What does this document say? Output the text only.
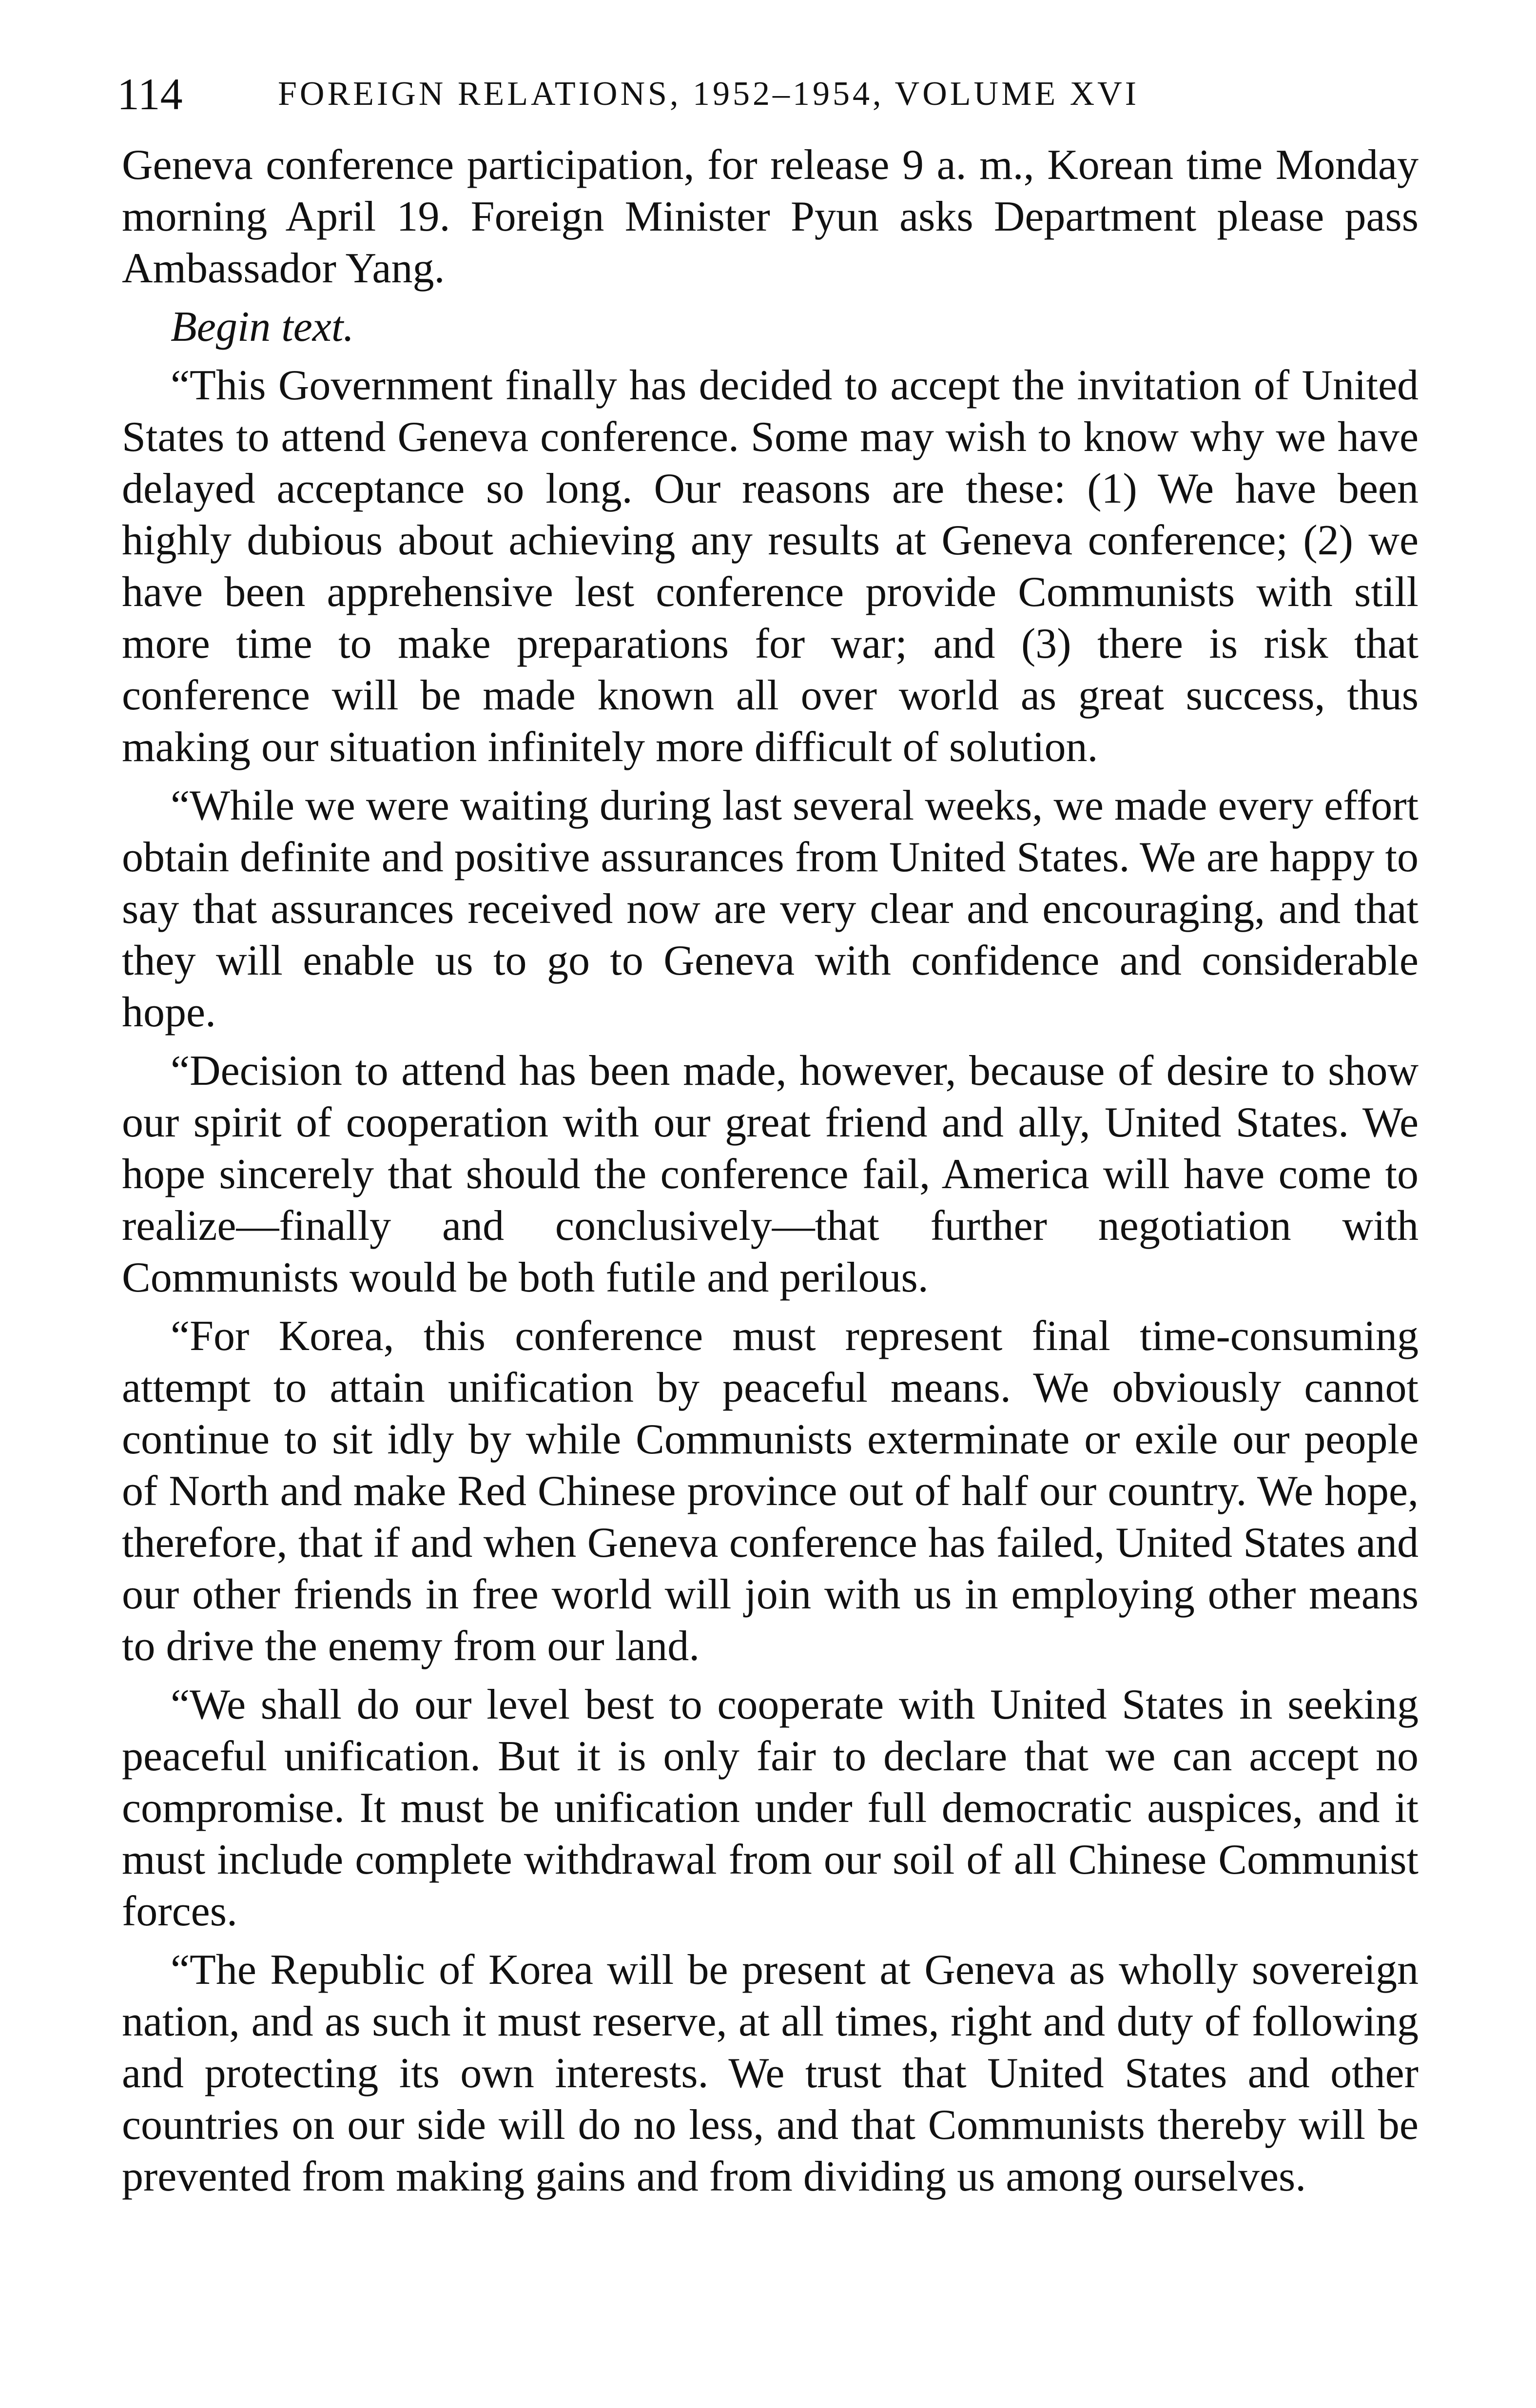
114	FOREIGN RELATIONS, 1952–1954, VOLUME XVI

Geneva conference participation, for release 9 a. m., Korean time Monday morning April 19. Foreign Minister Pyun asks Department please pass Ambassador Yang.

Begin text.

“This Government finally has decided to accept the invitation of United States to attend Geneva conference. Some may wish to know why we have delayed acceptance so long. Our reasons are these: (1) We have been highly dubious about achieving any results at Geneva conference; (2) we have been apprehensive lest conference provide Communists with still more time to make preparations for war; and (3) there is risk that conference will be made known all over world as great success, thus making our situation infinitely more difficult of solution.

“While we were waiting during last several weeks, we made every effort obtain definite and positive assurances from United States. We are happy to say that assurances received now are very clear and encouraging, and that they will enable us to go to Geneva with confidence and considerable hope.

“Decision to attend has been made, however, because of desire to show our spirit of cooperation with our great friend and ally, United States. We hope sincerely that should the conference fail, America will have come to realize—finally and conclusively—that further negotiation with Communists would be both futile and perilous.

“For Korea, this conference must represent final time-consuming attempt to attain unification by peaceful means. We obviously cannot continue to sit idly by while Communists exterminate or exile our people of North and make Red Chinese province out of half our country. We hope, therefore, that if and when Geneva conference has failed, United States and our other friends in free world will join with us in employing other means to drive the enemy from our land.

“We shall do our level best to cooperate with United States in seeking peaceful unification. But it is only fair to declare that we can accept no compromise. It must be unification under full democratic auspices, and it must include complete withdrawal from our soil of all Chinese Communist forces.

“The Republic of Korea will be present at Geneva as wholly sovereign nation, and as such it must reserve, at all times, right and duty of following and protecting its own interests. We trust that United States and other countries on our side will do no less, and that Communists thereby will be prevented from making gains and from dividing us among ourselves.
